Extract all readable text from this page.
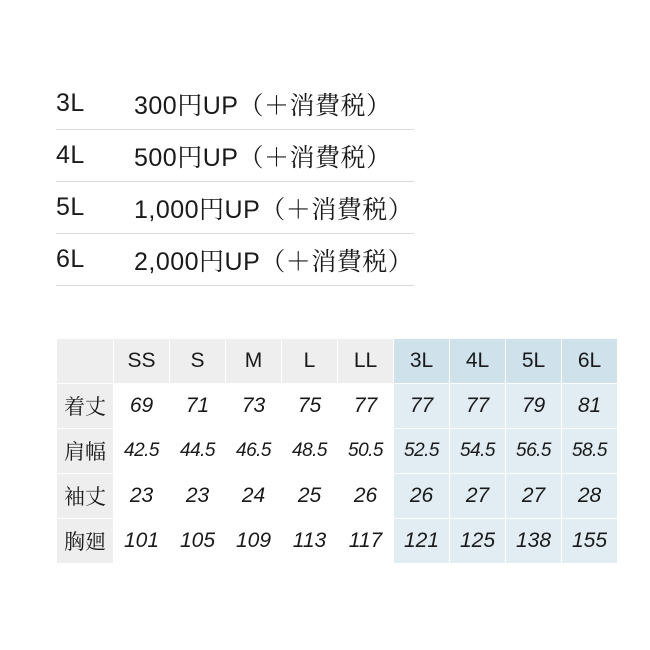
3L	300円UP（＋消費税）
4L	500円UP（＋消費税）
5L	1,000円UP（＋消費税）
6L	2,000円UP（＋消費税）
	SS	S	M	L	LL	3L	4L	5L	6L
着丈	69	71	73	75	77	77	77	79	81
肩幅	42.5	44.5	46.5	48.5	50.5	52.5	54.5	56.5	58.5
袖丈	23	23	24	25	26	26	27	27	28
胸廻	101	105	109	113	117	121	125	138	155
